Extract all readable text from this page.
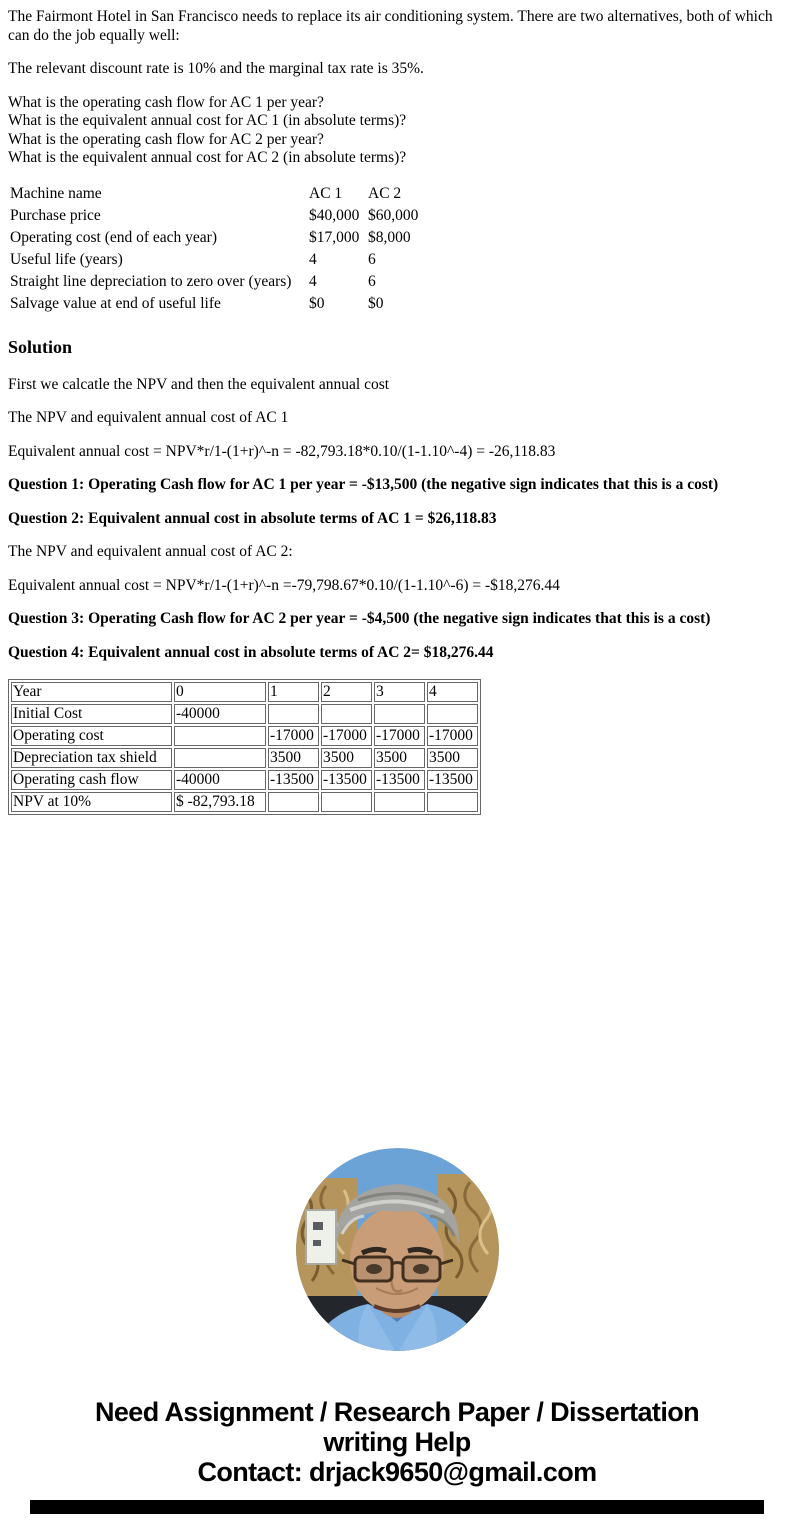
The Fairmont Hotel in San Francisco needs to replace its air conditioning system. There are two alternatives, both of which can do the job equally well:

The relevant discount rate is 10% and the marginal tax rate is 35%.

What is the operating cash flow for AC 1 per year?
What is the equivalent annual cost for AC 1 (in absolute terms)?
What is the operating cash flow for AC 2 per year?
What is the equivalent annual cost for AC 2 (in absolute terms)?
Machine name	AC 1	AC 2
Purchase price	$40,000	$60,000
Operating cost (end of each year)	$17,000	$8,000
Useful life (years)	4	6
Straight line depreciation to zero over (years)	4	6
Salvage value at end of useful life	$0	$0
Solution

First we calcatle the NPV and then the equivalent annual cost

The NPV and equivalent annual cost of AC 1

Equivalent annual cost = NPV*r/1-(1+r)^-n = -82,793.18*0.10/(1-1.10^-4) = -26,118.83

Question 1: Operating Cash flow for AC 1 per year = -$13,500 (the negative sign indicates that this is a cost)

Question 2: Equivalent annual cost in absolute terms of AC 1 = $26,118.83

The NPV and equivalent annual cost of AC 2:

Equivalent annual cost = NPV*r/1-(1+r)^-n =-79,798.67*0.10/(1-1.10^-6) = -$18,276.44

Question 3: Operating Cash flow for AC 2 per year = -$4,500 (the negative sign indicates that this is a cost)

Question 4: Equivalent annual cost in absolute terms of AC 2= $18,276.44

Year	0	1	2	3	4
Initial Cost	-40000				
Operating cost		-17000	-17000	-17000	-17000
Depreciation tax shield		3500	3500	3500	3500
Operating cash flow	-40000	-13500	-13500	-13500	-13500
NPV at 10%	$ -82,793.18				
Need Assignment / Research Paper / Dissertation
writing Help
Contact: drjack9650@gmail.com
